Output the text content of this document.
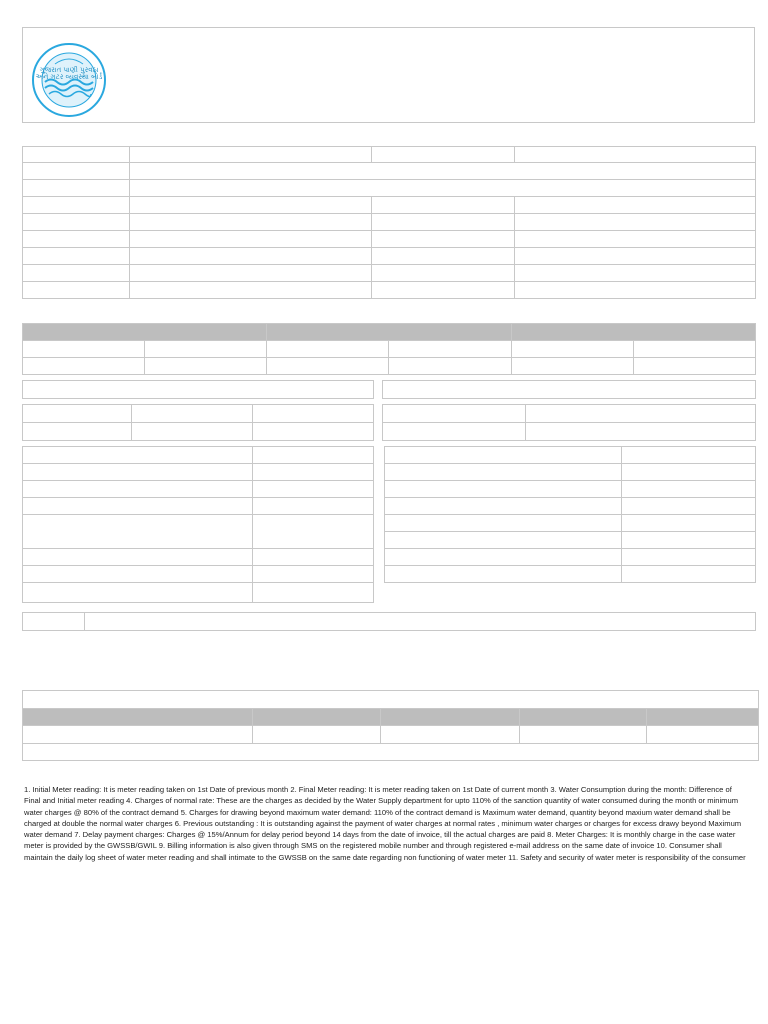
ગુજરાત પાણી પુરવઠા
અને ગટર વ્યવસ્થા બોર્ડ

1. Initial Meter reading: It is meter reading taken on 1st Date of previous month 2. Final Meter reading: It is meter reading taken on 1st Date of current month 3. Water Consumption during the month: Difference of Final and Initial meter reading 4. Charges of normal rate: These are the charges as decided by the Water Supply department for upto 110% of the sanction quantity of water consumed during the month or minimum water charges @ 80% of the contract demand 5. Charges for drawing beyond maximum water demand: 110% of the contract demand is Maximum water demand, quantity beyond maxium water demand shall be charged at double the normal water charges 6. Previous outstanding : It is outstanding against the payment of water charges at normal rates , minimum water charges or charges for excess drawy beyond Maximum water demand 7. Delay payment charges: Charges @ 15%/Annum for delay period beyond 14 days from the date of invoice, till the actual charges are paid 8. Meter Charges: It is monthly charge in the case water meter is provided by the GWSSB/GWIL 9. Billing information is also given through SMS on the registered mobile number and through registered e-mail address on the same date of invoice 10. Consumer shall maintain the daily log sheet of water meter reading and shall intimate to the GWSSB on the same date regarding non functioning of water meter 11. Safety and security of water meter is responsibility of the consumer
